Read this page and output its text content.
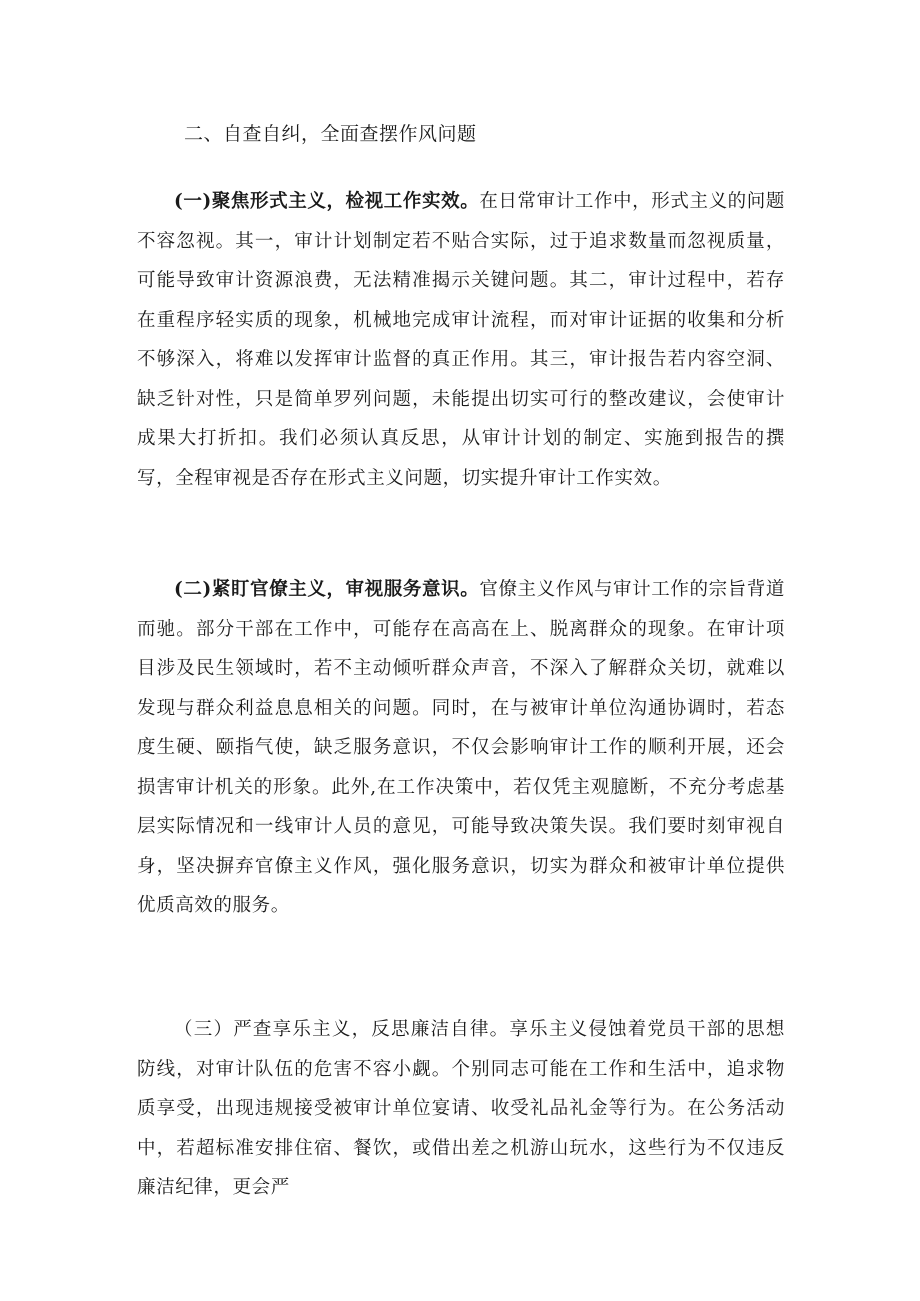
二、自查自纠，全面查摆作风问题

(一)聚焦形式主义，检视工作实效。在日常审计工作中，形式主义的问题不容忽视。其一，审计计划制定若不贴合实际，过于追求数量而忽视质量，可能导致审计资源浪费，无法精准揭示关键问题。其二，审计过程中，若存在重程序轻实质的现象，机械地完成审计流程，而对审计证据的收集和分析不够深入，将难以发挥审计监督的真正作用。其三，审计报告若内容空洞、缺乏针对性，只是简单罗列问题，未能提出切实可行的整改建议，会使审计成果大打折扣。我们必须认真反思，从审计计划的制定、实施到报告的撰写，全程审视是否存在形式主义问题，切实提升审计工作实效。

(二)紧盯官僚主义，审视服务意识。官僚主义作风与审计工作的宗旨背道而驰。部分干部在工作中，可能存在高高在上、脱离群众的现象。在审计项目涉及民生领域时，若不主动倾听群众声音，不深入了解群众关切，就难以发现与群众利益息息相关的问题。同时，在与被审计单位沟通协调时，若态度生硬、颐指气使，缺乏服务意识，不仅会影响审计工作的顺利开展，还会损害审计机关的形象。此外,在工作决策中，若仅凭主观臆断，不充分考虑基层实际情况和一线审计人员的意见，可能导致决策失误。我们要时刻审视自身，坚决摒弃官僚主义作风，强化服务意识，切实为群众和被审计单位提供优质高效的服务。

（三）严查享乐主义，反思廉洁自律。享乐主义侵蚀着党员干部的思想防线，对审计队伍的危害不容小觑。个别同志可能在工作和生活中，追求物质享受，出现违规接受被审计单位宴请、收受礼品礼金等行为。在公务活动中，若超标准安排住宿、餐饮，或借出差之机游山玩水，这些行为不仅违反廉洁纪律，更会严
